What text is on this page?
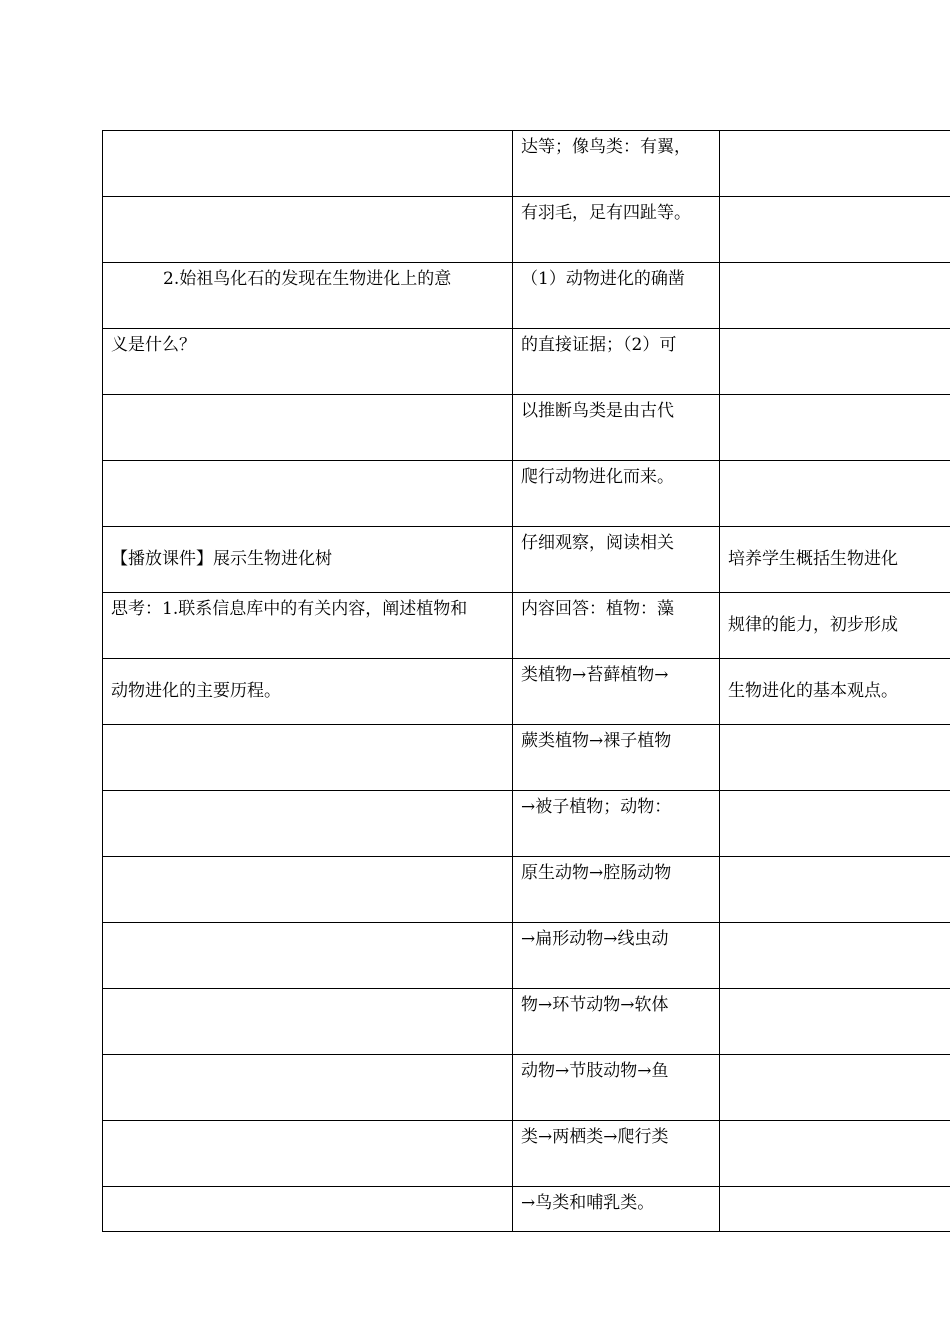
	达等；像鸟类：有翼，	
	有羽毛，足有四趾等。	
2.始祖鸟化石的发现在生物进化上的意	（1）动物进化的确凿	
义是什么？	的直接证据；（2）可	
	以推断鸟类是由古代	
	爬行动物进化而来。	
【播放课件】展示生物进化树	仔细观察，阅读相关	培养学生概括生物进化
思考：1.联系信息库中的有关内容，阐述植物和	内容回答：植物：藻	规律的能力，初步形成
动物进化的主要历程。	类植物→苔藓植物→	生物进化的基本观点。
	蕨类植物→裸子植物	
	→被子植物；动物：	
	原生动物→腔肠动物	
	→扁形动物→线虫动	
	物→环节动物→软体	
	动物→节肢动物→鱼	
	类→两栖类→爬行类	
	→鸟类和哺乳类。	
